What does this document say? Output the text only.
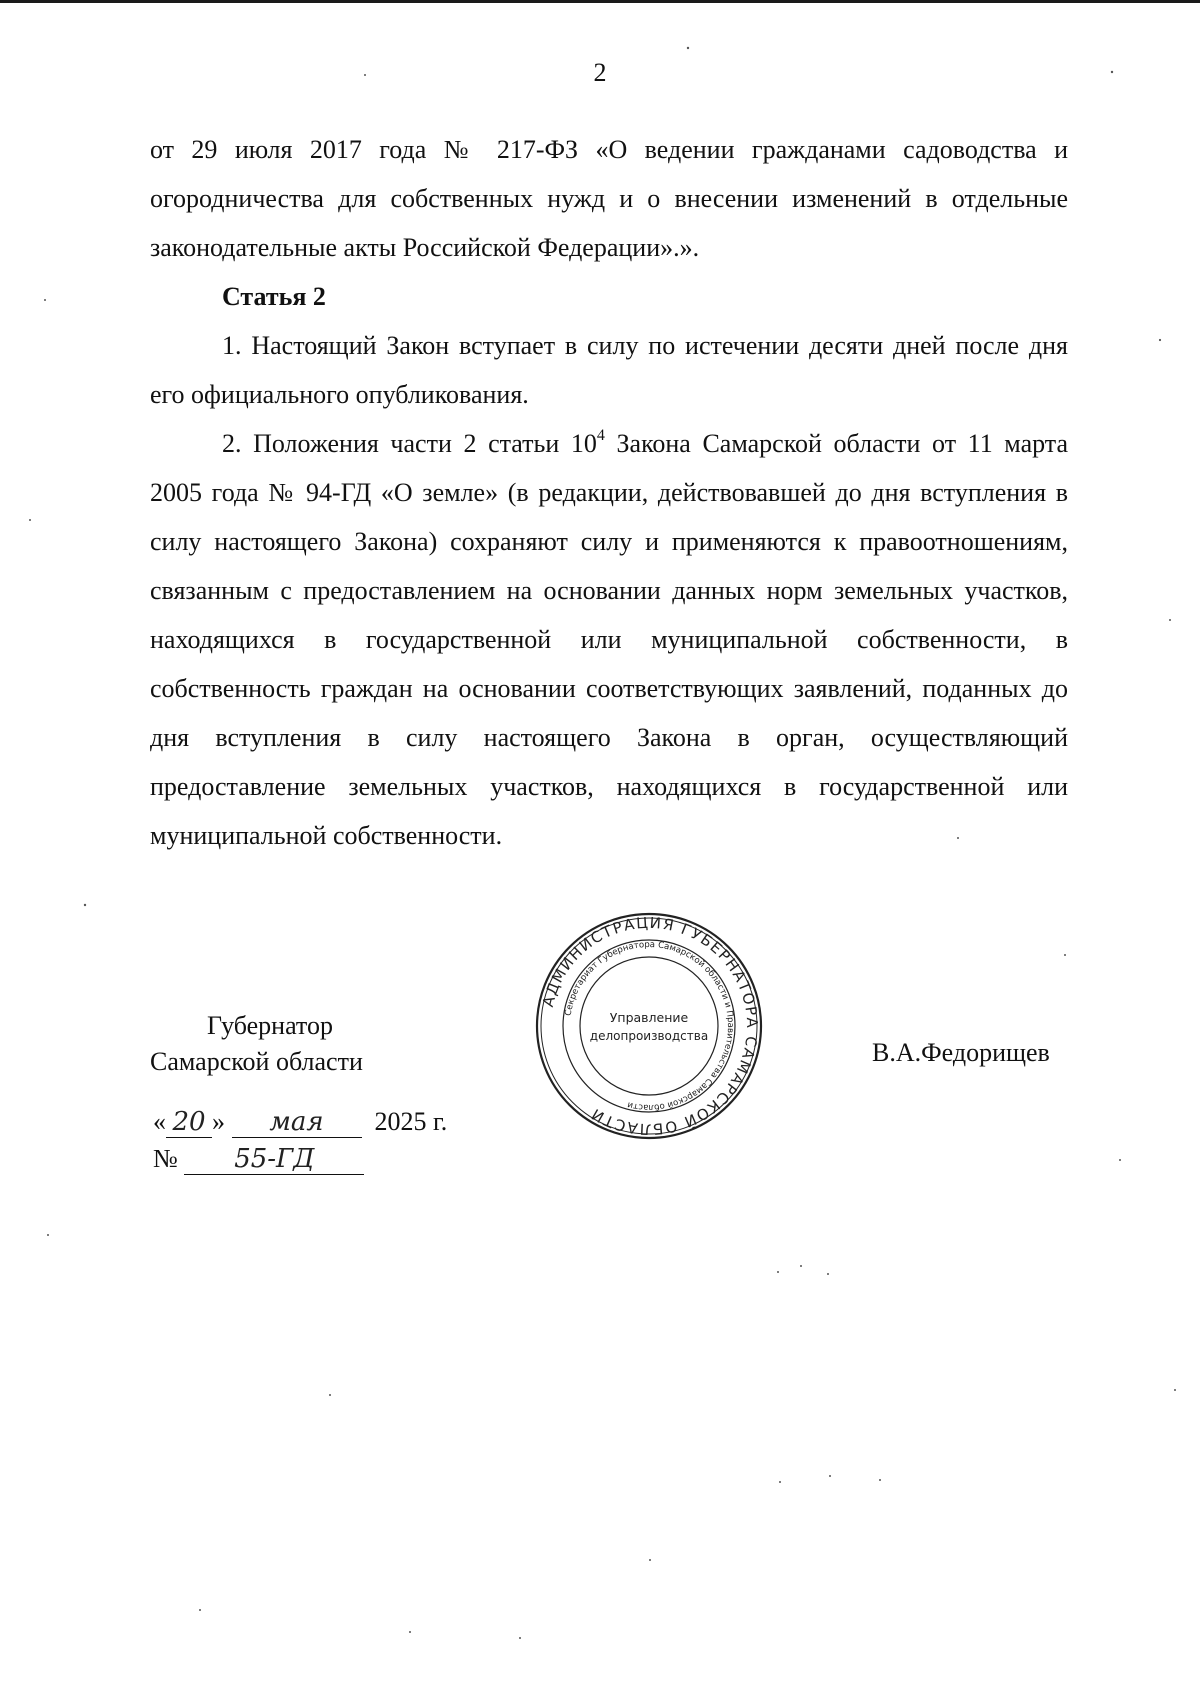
2

от 29 июля 2017 года № 217-ФЗ «О ведении гражданами садоводства и огородничества для собственных нужд и о внесении изменений в отдельные законодательные акты Российской Федерации».».

Статья 2

1. Настоящий Закон вступает в силу по истечении десяти дней после дня его официального опубликования.

2. Положения части 2 статьи $10^4$ Закона Самарской области от 11 марта 2005 года № 94-ГД «О земле» (в редакции, действовавшей до дня вступления в силу настоящего Закона) сохраняют силу и применяются к правоотношениям, связанным с предоставлением на основании данных норм земельных участков, находящихся в государственной или муниципальной собственности, в собственность граждан на основании соответствующих заявлений, поданных до дня вступления в силу настоящего Закона в орган, осуществляющий предоставление земельных участков, находящихся в государственной или муниципальной собственности.

Губернатор

Самарской области	В.А.Федорищев
« 20 » мая 2025 г.
№ 55-ГД
АДМИНИСТРАЦИЯ ГУБЕРНАТОРА САМАРСКОЙ ОБЛАСТИ
Секретариат Губернатора Самарской области и Правительства Самарской области
Управление
делопроизводства
